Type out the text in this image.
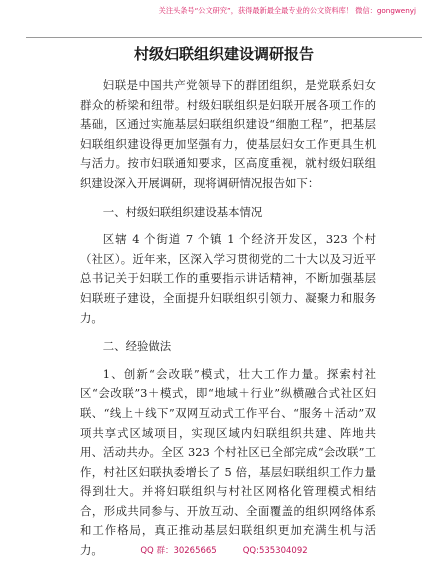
关注头条号“公文研究”，获得最新最全最专业的公文资料库！ 微信：gongwenyj
村级妇联组织建设调研报告

妇联是中国共产党领导下的群团组织，是党联系妇女群众的桥梁和纽带。村级妇联组织是妇联开展各项工作的基础，区通过实施基层妇联组织建设“细胞工程”，把基层妇联组织建设得更加坚强有力，使基层妇女工作更具生机与活力。按市妇联通知要求，区高度重视，就村级妇联组织建设深入开展调研，现将调研情况报告如下：

一、村级妇联组织建设基本情况

区辖 4 个街道 7 个镇 1 个经济开发区，323 个村（社区）。近年来，区深入学习贯彻党的二十大以及习近平总书记关于妇联工作的重要指示讲话精神，不断加强基层妇联班子建设，全面提升妇联组织引领力、凝聚力和服务力。

二、经验做法

1、创新“会改联”模式，壮大工作力量。探索村社区“会改联”3＋模式，即“地域＋行业”纵横融合式社区妇联、“线上＋线下”双网互动式工作平台、“服务＋活动”双项共享式区域项目，实现区域内妇联组织共建、阵地共用、活动共办。全区 323 个村社区已全部完成“会改联”工作，村社区妇联执委增长了 5 倍，基层妇联组织工作力量得到壮大。并将妇联组织与村社区网格化管理模式相结合，形成共同参与、开放互动、全面覆盖的组织网络体系和工作格局，真正推动基层妇联组织更加充满生机与活力。	QQ 群：30265665	QQ:535304092
